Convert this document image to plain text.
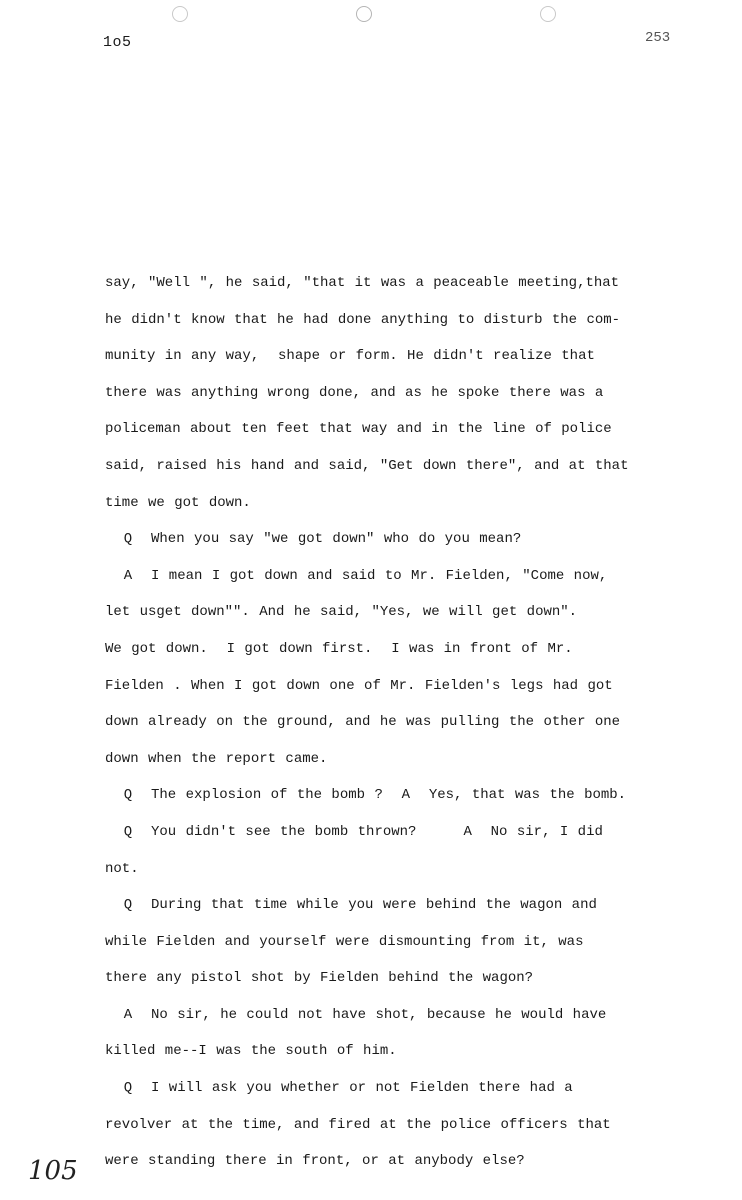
1o5	253
say, "Well ", he said, "that it was a peaceable meeting,that
he didn't know that he had done anything to disturb the com-
munity in any way,  shape or form. He didn't realize that
there was anything wrong done, and as he spoke there was a
policeman about ten feet that way and in the line of police
said, raised his hand and said, "Get down there", and at that
time we got down.
Q  When you say "we got down" who do you mean?
A  I mean I got down and said to Mr. Fielden, "Come now,
let usget down"". And he said, "Yes, we will get down".
We got down.  I got down first.  I was in front of Mr.
Fielden . When I got down one of Mr. Fielden's legs had got
down already on the ground, and he was pulling the other one
down when the report came.
Q  The explosion of the bomb ?  A  Yes, that was the bomb.
Q  You didn't see the bomb thrown?     A  No sir, I did
not.
Q  During that time while you were behind the wagon and
while Fielden and yourself were dismounting from it, was
there any pistol shot by Fielden behind the wagon?
A  No sir, he could not have shot, because he would have
killed me--I was the south of him.
Q  I will ask you whether or not Fielden there had a
revolver at the time, and fired at the police officers that
were standing there in front, or at anybody else?
105
